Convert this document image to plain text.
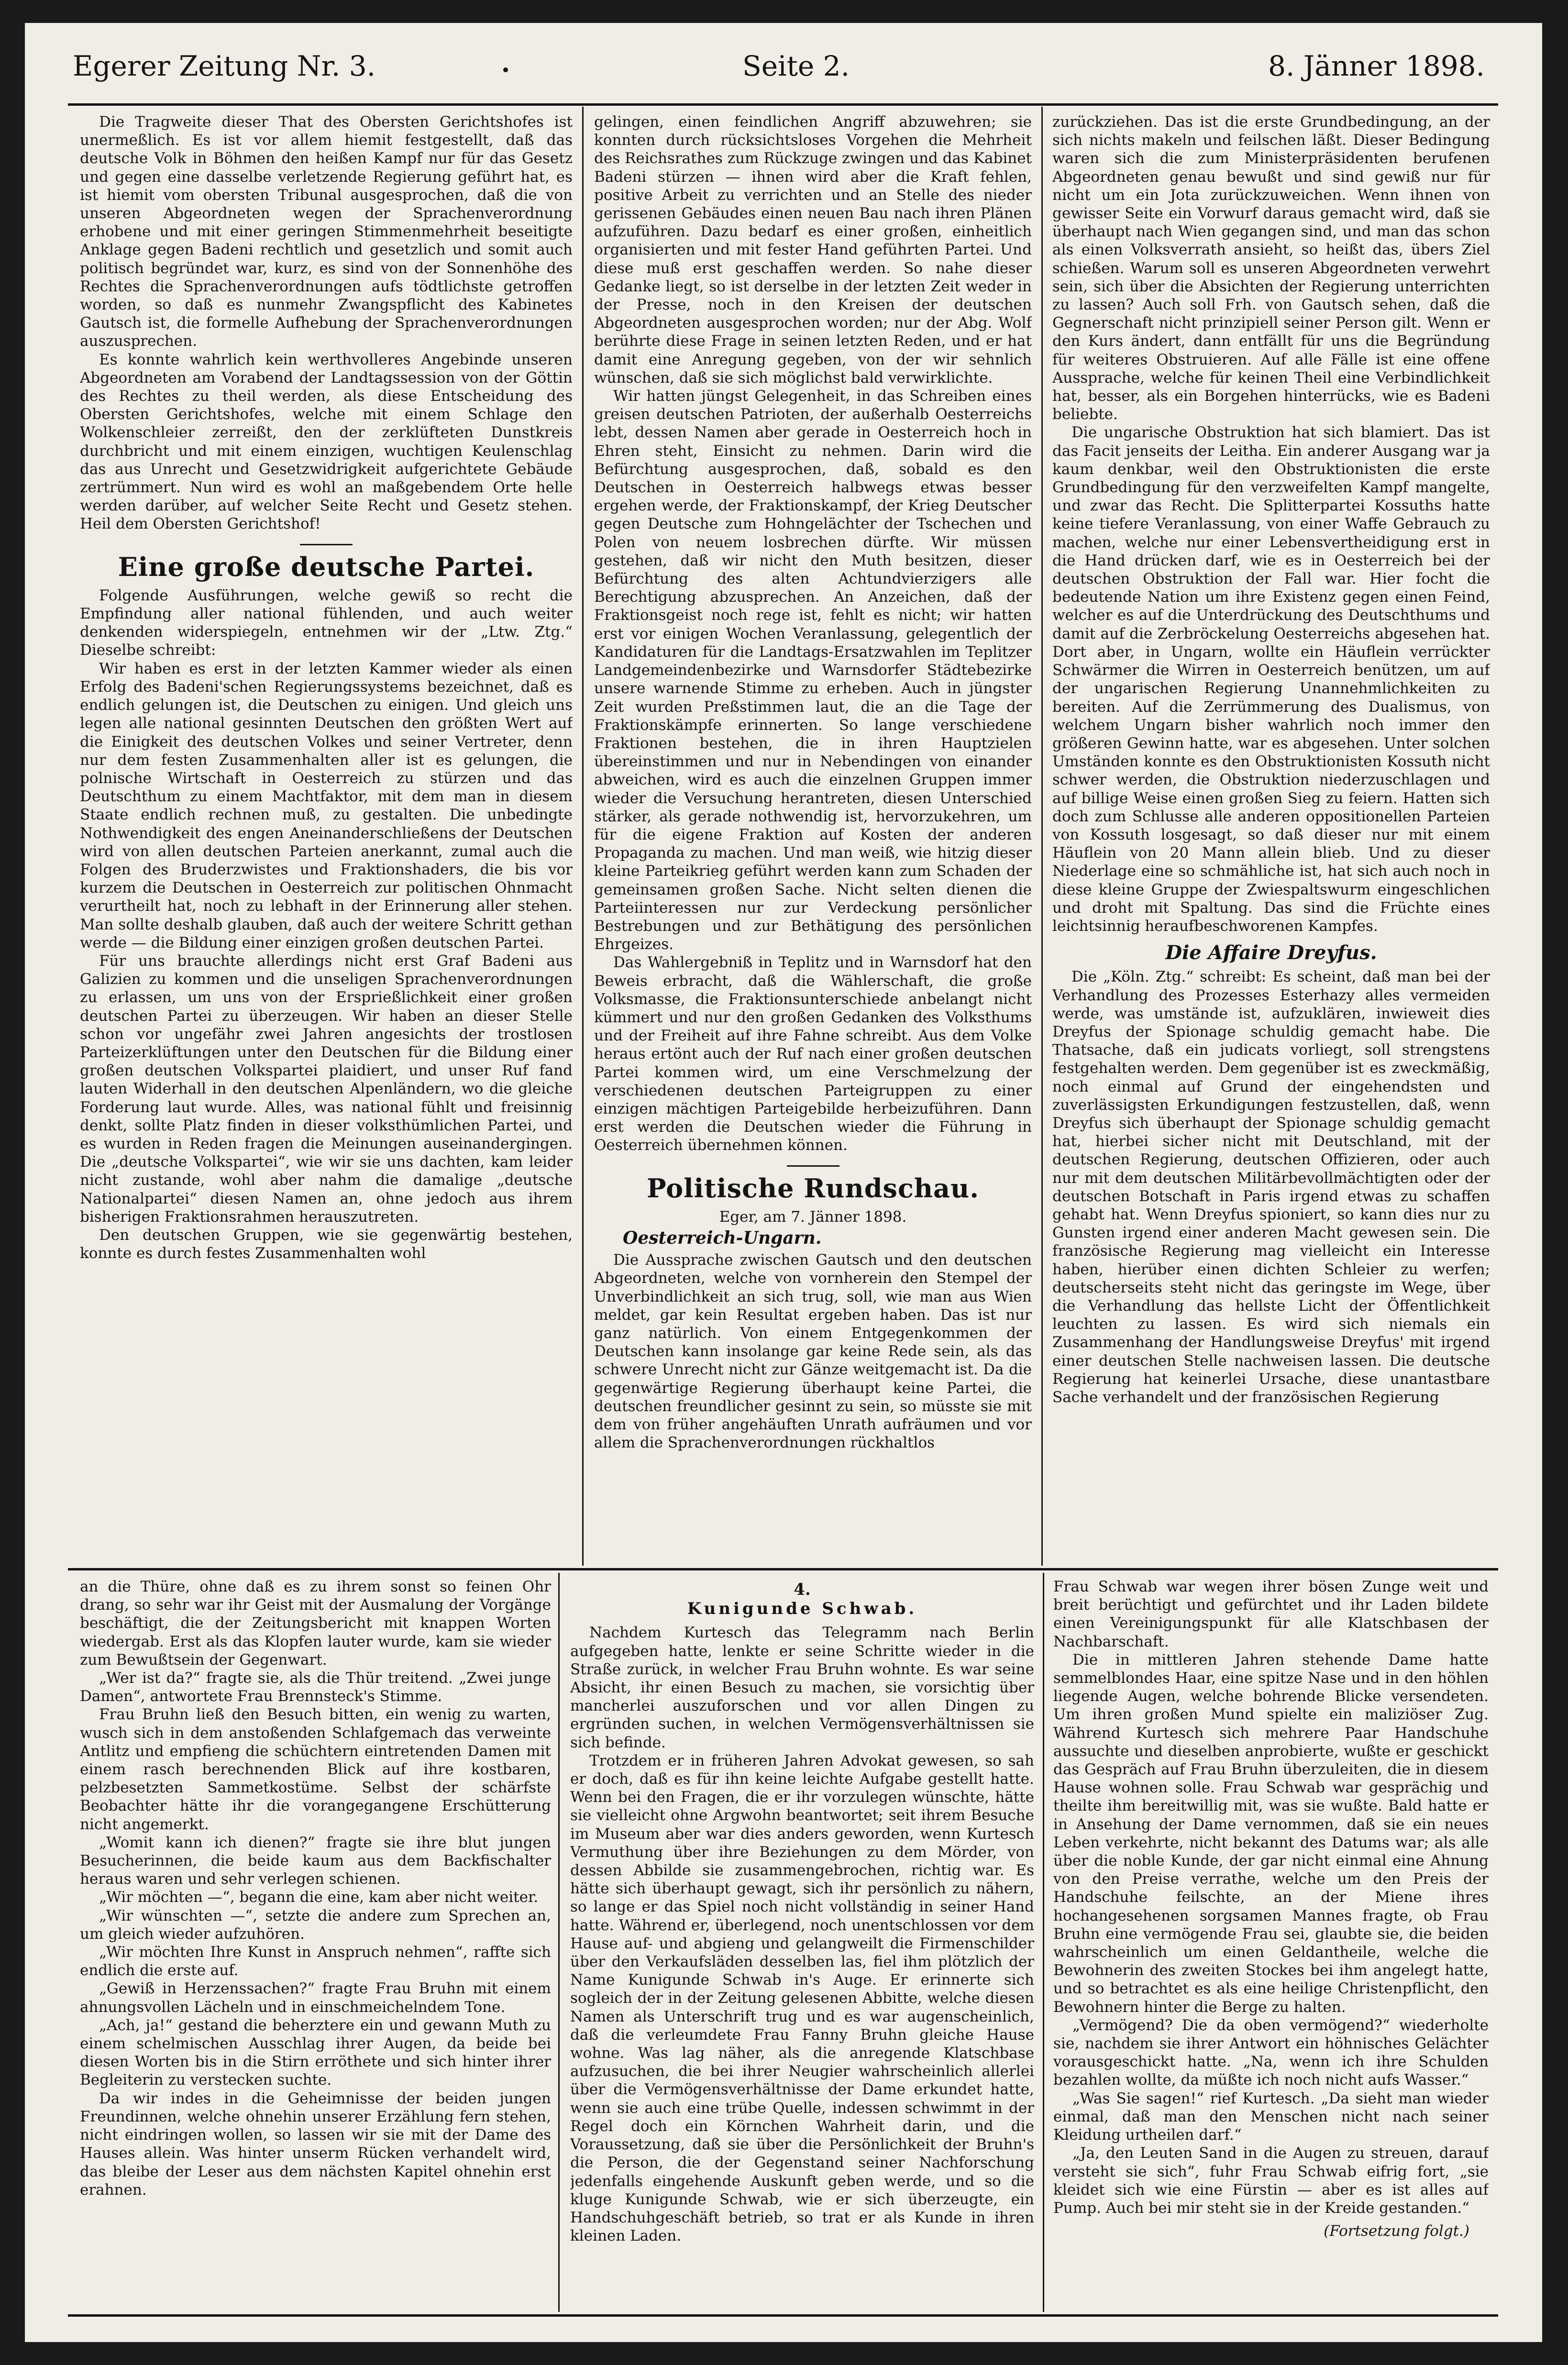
Egerer Zeitung Nr. 3.	Seite 2.	8. Jänner 1898.

Die Tragweite dieser That des Obersten Gerichtshofes ist unermeßlich. Es ist vor allem hiemit festgestellt, daß das deutsche Volk in Böhmen den heißen Kampf nur für das Gesetz und gegen eine dasselbe verletzende Regierung geführt hat, es ist hiemit vom obersten Tribunal ausgesprochen, daß die von unseren Abgeordneten wegen der Sprachenverordnung erhobene und mit einer geringen Stimmenmehrheit beseitigte Anklage gegen Badeni rechtlich und gesetzlich und somit auch politisch begründet war, kurz, es sind von der Sonnenhöhe des Rechtes die Sprachenverordnungen aufs tödtlichste getroffen worden, so daß es nunmehr Zwangspflicht des Kabinetes Gautsch ist, die formelle Aufhebung der Sprachenverordnungen auszusprechen.

Es konnte wahrlich kein werthvolleres Angebinde unseren Abgeordneten am Vorabend der Landtagssession von der Göttin des Rechtes zu theil werden, als diese Entscheidung des Obersten Gerichtshofes, welche mit einem Schlage den Wolkenschleier zerreißt, den der zerklüfteten Dunstkreis durchbricht und mit einem einzigen, wuchtigen Keulenschlag das aus Unrecht und Gesetzwidrigkeit aufgerichtete Gebäude zertrümmert. Nun wird es wohl an maßgebendem Orte helle werden darüber, auf welcher Seite Recht und Gesetz stehen. Heil dem Obersten Gerichtshof!

Eine große deutsche Partei.

Folgende Ausführungen, welche gewiß so recht die Empfindung aller national fühlenden, und auch weiter denkenden widerspiegeln, entnehmen wir der „Ltw. Ztg.“ Dieselbe schreibt:

Wir haben es erst in der letzten Kammer wieder als einen Erfolg des Badeni'schen Regierungssystems bezeichnet, daß es endlich gelungen ist, die Deutschen zu einigen. Und gleich uns legen alle national gesinnten Deutschen den größten Wert auf die Einigkeit des deutschen Volkes und seiner Vertreter, denn nur dem festen Zusammenhalten aller ist es gelungen, die polnische Wirtschaft in Oesterreich zu stürzen und das Deutschthum zu einem Machtfaktor, mit dem man in diesem Staate endlich rechnen muß, zu gestalten. Die unbedingte Nothwendigkeit des engen Aneinanderschließens der Deutschen wird von allen deutschen Parteien anerkannt, zumal auch die Folgen des Bruderzwistes und Fraktionshaders, die bis vor kurzem die Deutschen in Oesterreich zur politischen Ohnmacht verurtheilt hat, noch zu lebhaft in der Erinnerung aller stehen. Man sollte deshalb glauben, daß auch der weitere Schritt gethan werde — die Bildung einer einzigen großen deutschen Partei.

Für uns brauchte allerdings nicht erst Graf Badeni aus Galizien zu kommen und die unseligen Sprachenverordnungen zu erlassen, um uns von der Ersprießlichkeit einer großen deutschen Partei zu überzeugen. Wir haben an dieser Stelle schon vor ungefähr zwei Jahren angesichts der trostlosen Parteizerklüftungen unter den Deutschen für die Bildung einer großen deutschen Volkspartei plaidiert, und unser Ruf fand lauten Widerhall in den deutschen Alpenländern, wo die gleiche Forderung laut wurde. Alles, was national fühlt und freisinnig denkt, sollte Platz finden in dieser volksthümlichen Partei, und es wurden in Reden fragen die Meinungen auseinandergingen. Die „deutsche Volkspartei“, wie wir sie uns dachten, kam leider nicht zustande, wohl aber nahm die damalige „deutsche Nationalpartei“ diesen Namen an, ohne jedoch aus ihrem bisherigen Fraktionsrahmen herauszutreten.

Den deutschen Gruppen, wie sie gegenwärtig bestehen, konnte es durch festes Zusammenhalten wohl

gelingen, einen feindlichen Angriff abzuwehren; sie konnten durch rücksichtsloses Vorgehen die Mehrheit des Reichsrathes zum Rückzuge zwingen und das Kabinet Badeni stürzen — ihnen wird aber die Kraft fehlen, positive Arbeit zu verrichten und an Stelle des nieder gerissenen Gebäudes einen neuen Bau nach ihren Plänen aufzuführen. Dazu bedarf es einer großen, einheitlich organisierten und mit fester Hand geführten Partei. Und diese muß erst geschaffen werden. So nahe dieser Gedanke liegt, so ist derselbe in der letzten Zeit weder in der Presse, noch in den Kreisen der deutschen Abgeordneten ausgesprochen worden; nur der Abg. Wolf berührte diese Frage in seinen letzten Reden, und er hat damit eine Anregung gegeben, von der wir sehnlich wünschen, daß sie sich möglichst bald verwirklichte.

Wir hatten jüngst Gelegenheit, in das Schreiben eines greisen deutschen Patrioten, der außerhalb Oesterreichs lebt, dessen Namen aber gerade in Oesterreich hoch in Ehren steht, Einsicht zu nehmen. Darin wird die Befürchtung ausgesprochen, daß, sobald es den Deutschen in Oesterreich halbwegs etwas besser ergehen werde, der Fraktionskampf, der Krieg Deutscher gegen Deutsche zum Hohngelächter der Tschechen und Polen von neuem losbrechen dürfte. Wir müssen gestehen, daß wir nicht den Muth besitzen, dieser Befürchtung des alten Achtundvierzigers alle Berechtigung abzusprechen. An Anzeichen, daß der Fraktionsgeist noch rege ist, fehlt es nicht; wir hatten erst vor einigen Wochen Veranlassung, gelegentlich der Kandidaturen für die Landtags-Ersatzwahlen im Teplitzer Landgemeindenbezirke und Warnsdorfer Städtebezirke unsere warnende Stimme zu erheben. Auch in jüngster Zeit wurden Preßstimmen laut, die an die Tage der Fraktionskämpfe erinnerten. So lange verschiedene Fraktionen bestehen, die in ihren Hauptzielen übereinstimmen und nur in Nebendingen von einander abweichen, wird es auch die einzelnen Gruppen immer wieder die Versuchung herantreten, diesen Unterschied stärker, als gerade nothwendig ist, hervorzukehren, um für die eigene Fraktion auf Kosten der anderen Propaganda zu machen. Und man weiß, wie hitzig dieser kleine Parteikrieg geführt werden kann zum Schaden der gemeinsamen großen Sache. Nicht selten dienen die Parteiinteressen nur zur Verdeckung persönlicher Bestrebungen und zur Bethätigung des persönlichen Ehrgeizes.

Das Wahlergebniß in Teplitz und in Warnsdorf hat den Beweis erbracht, daß die Wählerschaft, die große Volksmasse, die Fraktionsunterschiede anbelangt nicht kümmert und nur den großen Gedanken des Volksthums und der Freiheit auf ihre Fahne schreibt. Aus dem Volke heraus ertönt auch der Ruf nach einer großen deutschen Partei kommen wird, um eine Verschmelzung der verschiedenen deutschen Parteigruppen zu einer einzigen mächtigen Parteigebilde herbeizuführen. Dann erst werden die Deutschen wieder die Führung in Oesterreich übernehmen können.

Politische Rundschau.
Eger, am 7. Jänner 1898.
Oesterreich-Ungarn.

Die Aussprache zwischen Gautsch und den deutschen Abgeordneten, welche von vornherein den Stempel der Unverbindlichkeit an sich trug, soll, wie man aus Wien meldet, gar kein Resultat ergeben haben. Das ist nur ganz natürlich. Von einem Entgegenkommen der Deutschen kann insolange gar keine Rede sein, als das schwere Unrecht nicht zur Gänze weitgemacht ist. Da die gegenwärtige Regierung überhaupt keine Partei, die deutschen freundlicher gesinnt zu sein, so müsste sie mit dem von früher angehäuften Unrath aufräumen und vor allem die Sprachenverordnungen rückhaltlos

zurückziehen. Das ist die erste Grundbedingung, an der sich nichts makeln und feilschen läßt. Dieser Bedingung waren sich die zum Ministerpräsidenten berufenen Abgeordneten genau bewußt und sind gewiß nur für nicht um ein Jota zurückzuweichen. Wenn ihnen von gewisser Seite ein Vorwurf daraus gemacht wird, daß sie überhaupt nach Wien gegangen sind, und man das schon als einen Volksverrath ansieht, so heißt das, übers Ziel schießen. Warum soll es unseren Abgeordneten verwehrt sein, sich über die Absichten der Regierung unterrichten zu lassen? Auch soll Frh. von Gautsch sehen, daß die Gegnerschaft nicht prinzipiell seiner Person gilt. Wenn er den Kurs ändert, dann entfällt für uns die Begründung für weiteres Obstruieren. Auf alle Fälle ist eine offene Aussprache, welche für keinen Theil eine Verbindlichkeit hat, besser, als ein Borgehen hinterrücks, wie es Badeni beliebte.

Die ungarische Obstruktion hat sich blamiert. Das ist das Facit jenseits der Leitha. Ein anderer Ausgang war ja kaum denkbar, weil den Obstruktionisten die erste Grundbedingung für den verzweifelten Kampf mangelte, und zwar das Recht. Die Splitterpartei Kossuths hatte keine tiefere Veranlassung, von einer Waffe Gebrauch zu machen, welche nur einer Lebensvertheidigung erst in die Hand drücken darf, wie es in Oesterreich bei der deutschen Obstruktion der Fall war. Hier focht die bedeutende Nation um ihre Existenz gegen einen Feind, welcher es auf die Unterdrückung des Deutschthums und damit auf die Zerbröckelung Oesterreichs abgesehen hat. Dort aber, in Ungarn, wollte ein Häuflein verrückter Schwärmer die Wirren in Oesterreich benützen, um auf der ungarischen Regierung Unannehmlichkeiten zu bereiten. Auf die Zerrümmerung des Dualismus, von welchem Ungarn bisher wahrlich noch immer den größeren Gewinn hatte, war es abgesehen. Unter solchen Umständen konnte es den Obstruktionisten Kossuth nicht schwer werden, die Obstruktion niederzuschlagen und auf billige Weise einen großen Sieg zu feiern. Hatten sich doch zum Schlusse alle anderen oppositionellen Parteien von Kossuth losgesagt, so daß dieser nur mit einem Häuflein von 20 Mann allein blieb. Und zu dieser Niederlage eine so schmähliche ist, hat sich auch noch in diese kleine Gruppe der Zwiespaltswurm eingeschlichen und droht mit Spaltung. Das sind die Früchte eines leichtsinnig heraufbeschworenen Kampfes.

Die Affaire Dreyfus.

Die „Köln. Ztg.“ schreibt: Es scheint, daß man bei der Verhandlung des Prozesses Esterhazy alles vermeiden werde, was umstände ist, aufzuklären, inwieweit dies Dreyfus der Spionage schuldig gemacht habe. Die Thatsache, daß ein judicats vorliegt, soll strengstens festgehalten werden. Dem gegenüber ist es zweckmäßig, noch einmal auf Grund der eingehendsten und zuverlässigsten Erkundigungen festzustellen, daß, wenn Dreyfus sich überhaupt der Spionage schuldig gemacht hat, hierbei sicher nicht mit Deutschland, mit der deutschen Regierung, deutschen Offizieren, oder auch nur mit dem deutschen Militärbevollmächtigten oder der deutschen Botschaft in Paris irgend etwas zu schaffen gehabt hat. Wenn Dreyfus spioniert, so kann dies nur zu Gunsten irgend einer anderen Macht gewesen sein. Die französische Regierung mag vielleicht ein Interesse haben, hierüber einen dichten Schleier zu werfen; deutscherseits steht nicht das geringste im Wege, über die Verhandlung das hellste Licht der Öffentlichkeit leuchten zu lassen. Es wird sich niemals ein Zusammenhang der Handlungsweise Dreyfus' mit irgend einer deutschen Stelle nachweisen lassen. Die deutsche Regierung hat keinerlei Ursache, diese unantastbare Sache verhandelt und der französischen Regierung

an die Thüre, ohne daß es zu ihrem sonst so feinen Ohr drang, so sehr war ihr Geist mit der Ausmalung der Vorgänge beschäftigt, die der Zeitungsbericht mit knappen Worten wiedergab. Erst als das Klopfen lauter wurde, kam sie wieder zum Bewußtsein der Gegenwart.

„Wer ist da?“ fragte sie, als die Thür treitend. „Zwei junge Damen“, antwortete Frau Brennsteck's Stimme.

Frau Bruhn ließ den Besuch bitten, ein wenig zu warten, wusch sich in dem anstoßenden Schlafgemach das verweinte Antlitz und empfieng die schüchtern eintretenden Damen mit einem rasch berechnenden Blick auf ihre kostbaren, pelzbesetzten Sammetkostüme. Selbst der schärfste Beobachter hätte ihr die vorangegangene Erschütterung nicht angemerkt.

„Womit kann ich dienen?“ fragte sie ihre blut jungen Besucherinnen, die beide kaum aus dem Backfischalter heraus waren und sehr verlegen schienen.

„Wir möchten —“, begann die eine, kam aber nicht weiter.

„Wir wünschten —“, setzte die andere zum Sprechen an, um gleich wieder aufzuhören.

„Wir möchten Ihre Kunst in Anspruch nehmen“, raffte sich endlich die erste auf.

„Gewiß in Herzenssachen?“ fragte Frau Bruhn mit einem ahnungsvollen Lächeln und in einschmeichelndem Tone.

„Ach, ja!“ gestand die beherztere ein und gewann Muth zu einem schelmischen Ausschlag ihrer Augen, da beide bei diesen Worten bis in die Stirn erröthete und sich hinter ihrer Begleiterin zu verstecken suchte.

Da wir indes in die Geheimnisse der beiden jungen Freundinnen, welche ohnehin unserer Erzählung fern stehen, nicht eindringen wollen, so lassen wir sie mit der Dame des Hauses allein. Was hinter unserm Rücken verhandelt wird, das bleibe der Leser aus dem nächsten Kapitel ohnehin erst erahnen.

4.
Kunigunde Schwab.

Nachdem Kurtesch das Telegramm nach Berlin aufgegeben hatte, lenkte er seine Schritte wieder in die Straße zurück, in welcher Frau Bruhn wohnte. Es war seine Absicht, ihr einen Besuch zu machen, sie vorsichtig über mancherlei auszuforschen und vor allen Dingen zu ergründen suchen, in welchen Vermögensverhältnissen sie sich befinde.

Trotzdem er in früheren Jahren Advokat gewesen, so sah er doch, daß es für ihn keine leichte Aufgabe gestellt hatte. Wenn bei den Fragen, die er ihr vorzulegen wünschte, hätte sie vielleicht ohne Argwohn beantwortet; seit ihrem Besuche im Museum aber war dies anders geworden, wenn Kurtesch Vermuthung über ihre Beziehungen zu dem Mörder, von dessen Abbilde sie zusammengebrochen, richtig war. Es hätte sich überhaupt gewagt, sich ihr persönlich zu nähern, so lange er das Spiel noch nicht vollständig in seiner Hand hatte. Während er, überlegend, noch unentschlossen vor dem Hause auf- und abgieng und gelangweilt die Firmenschilder über den Verkaufsläden desselben las, fiel ihm plötzlich der Name Kunigunde Schwab in's Auge. Er erinnerte sich sogleich der in der Zeitung gelesenen Abbitte, welche diesen Namen als Unterschrift trug und es war augenscheinlich, daß die verleumdete Frau Fanny Bruhn gleiche Hause wohne. Was lag näher, als die anregende Klatschbase aufzusuchen, die bei ihrer Neugier wahrscheinlich allerlei über die Vermögensverhältnisse der Dame erkundet hatte, wenn sie auch eine trübe Quelle, indessen schwimmt in der Regel doch ein Körnchen Wahrheit darin, und die Voraussetzung, daß sie über die Persönlichkeit der Bruhn's die Person, die der Gegenstand seiner Nachforschung jedenfalls eingehende Auskunft geben werde, und so die kluge Kunigunde Schwab, wie er sich überzeugte, ein Handschuhgeschäft betrieb, so trat er als Kunde in ihren kleinen Laden.

Frau Schwab war wegen ihrer bösen Zunge weit und breit berüchtigt und gefürchtet und ihr Laden bildete einen Vereinigungspunkt für alle Klatschbasen der Nachbarschaft.

Die in mittleren Jahren stehende Dame hatte semmelblondes Haar, eine spitze Nase und in den höhlen liegende Augen, welche bohrende Blicke versendeten. Um ihren großen Mund spielte ein maliziöser Zug. Während Kurtesch sich mehrere Paar Handschuhe aussuchte und dieselben anprobierte, wußte er geschickt das Gespräch auf Frau Bruhn überzuleiten, die in diesem Hause wohnen solle. Frau Schwab war gesprächig und theilte ihm bereitwillig mit, was sie wußte. Bald hatte er in Ansehung der Dame vernommen, daß sie ein neues Leben verkehrte, nicht bekannt des Datums war; als alle über die noble Kunde, der gar nicht einmal eine Ahnung von den Preise verrathe, welche um den Preis der Handschuhe feilschte, an der Miene ihres hochangesehenen sorgsamen Mannes fragte, ob Frau Bruhn eine vermögende Frau sei, glaubte sie, die beiden wahrscheinlich um einen Geldantheile, welche die Bewohnerin des zweiten Stockes bei ihm angelegt hatte, und so betrachtet es als eine heilige Christenpflicht, den Bewohnern hinter die Berge zu halten.

„Vermögend? Die da oben vermögend?“ wiederholte sie, nachdem sie ihrer Antwort ein höhnisches Gelächter vorausgeschickt hatte. „Na, wenn ich ihre Schulden bezahlen wollte, da müßte ich noch nicht aufs Wasser.“

„Was Sie sagen!“ rief Kurtesch. „Da sieht man wieder einmal, daß man den Menschen nicht nach seiner Kleidung urtheilen darf.“

„Ja, den Leuten Sand in die Augen zu streuen, darauf versteht sie sich“, fuhr Frau Schwab eifrig fort, „sie kleidet sich wie eine Fürstin — aber es ist alles auf Pump. Auch bei mir steht sie in der Kreide gestanden.“

(Fortsetzung folgt.)
